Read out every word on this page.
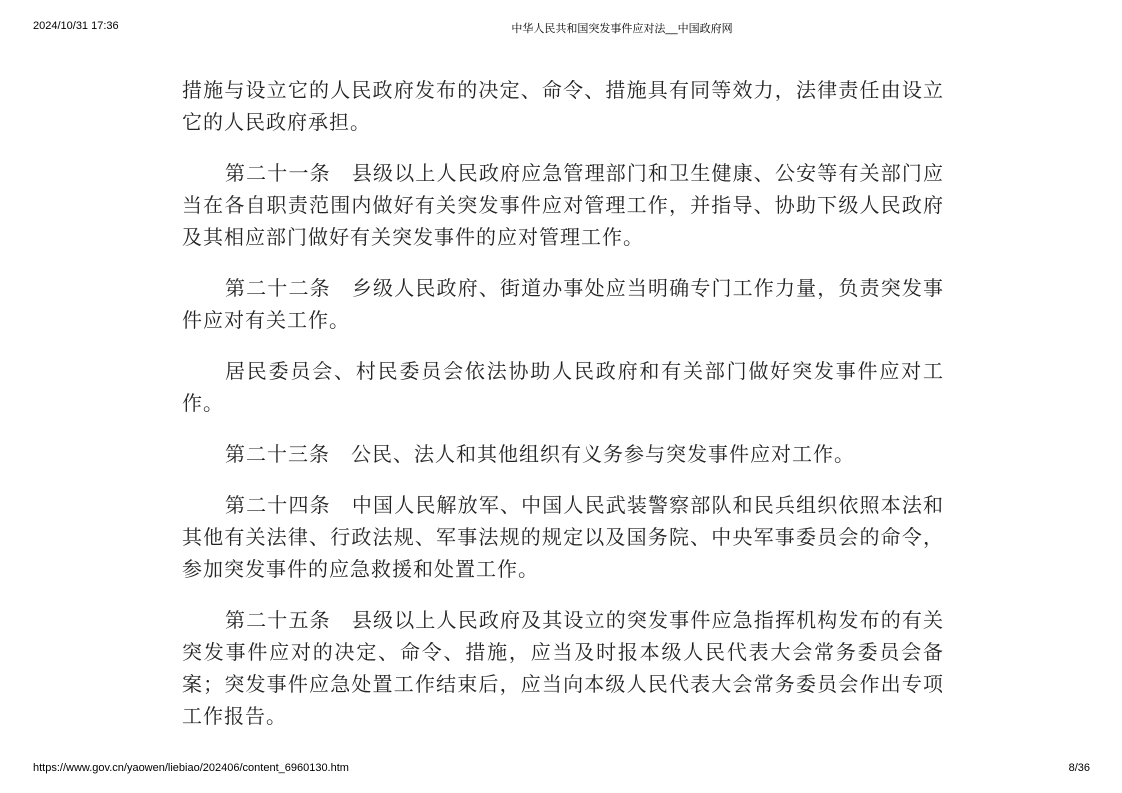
2024/10/31 17:36	中华人民共和国突发事件应对法__中国政府网

措施与设立它的人民政府发布的决定、命令、措施具有同等效力，法律责任由设立它的人民政府承担。

第二十一条　县级以上人民政府应急管理部门和卫生健康、公安等有关部门应当在各自职责范围内做好有关突发事件应对管理工作，并指导、协助下级人民政府及其相应部门做好有关突发事件的应对管理工作。

第二十二条　乡级人民政府、街道办事处应当明确专门工作力量，负责突发事件应对有关工作。

居民委员会、村民委员会依法协助人民政府和有关部门做好突发事件应对工作。

第二十三条　公民、法人和其他组织有义务参与突发事件应对工作。

第二十四条　中国人民解放军、中国人民武装警察部队和民兵组织依照本法和其他有关法律、行政法规、军事法规的规定以及国务院、中央军事委员会的命令，参加突发事件的应急救援和处置工作。

第二十五条　县级以上人民政府及其设立的突发事件应急指挥机构发布的有关突发事件应对的决定、命令、措施，应当及时报本级人民代表大会常务委员会备案；突发事件应急处置工作结束后，应当向本级人民代表大会常务委员会作出专项工作报告。

https://www.gov.cn/yaowen/liebiao/202406/content_6960130.htm	8/36
